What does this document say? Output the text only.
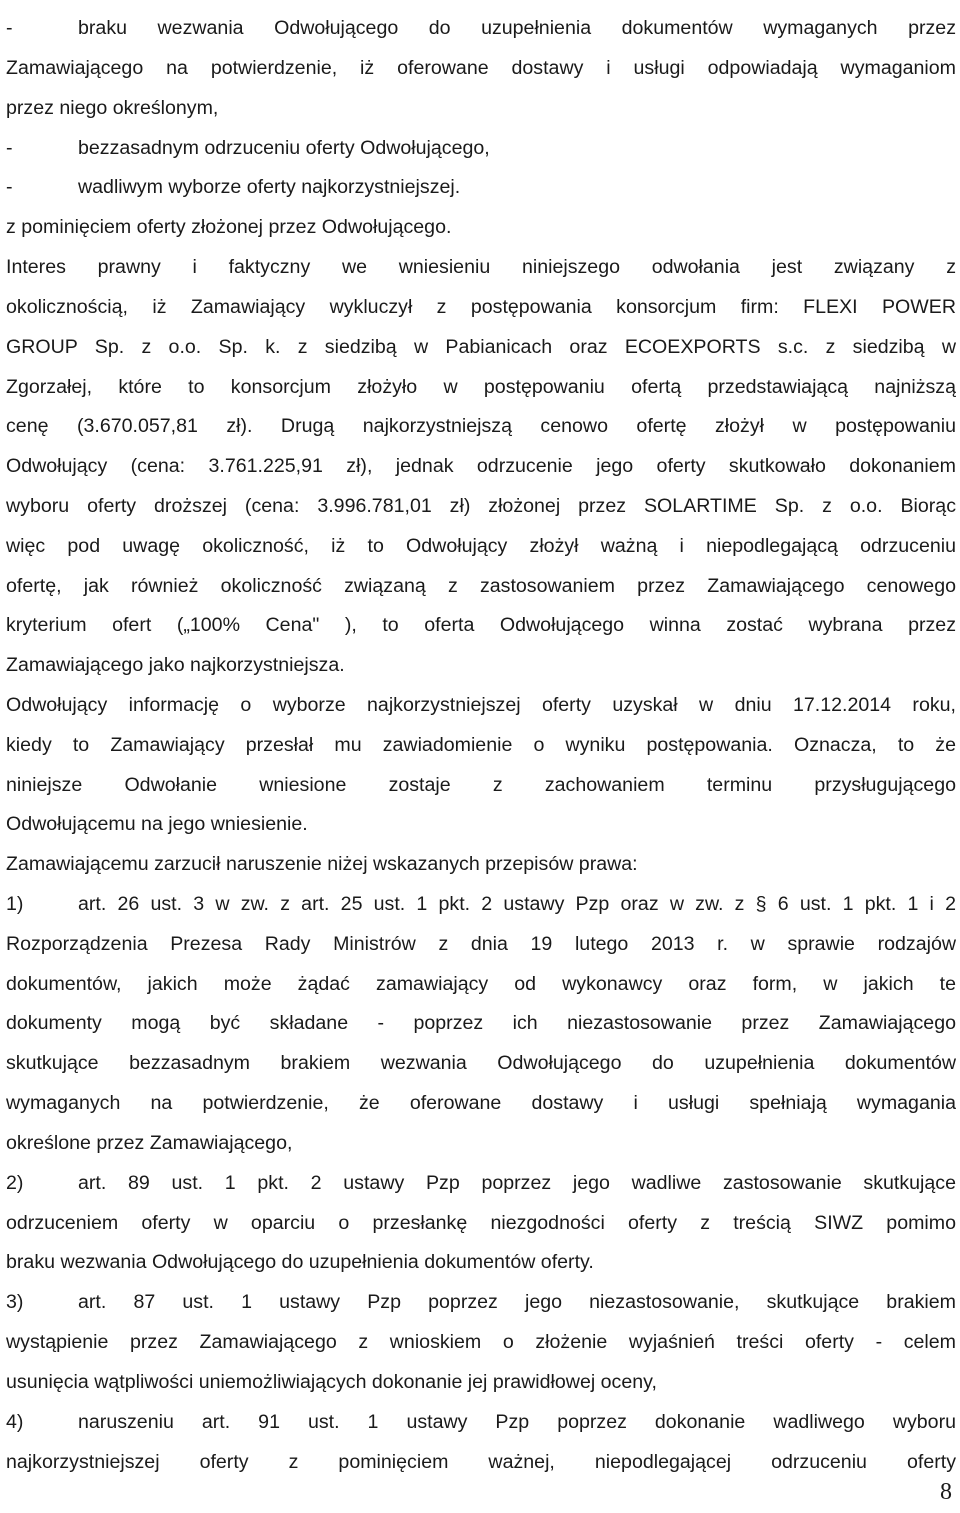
-	braku wezwania Odwołującego do uzupełnienia dokumentów wymaganych przez
Zamawiającego na potwierdzenie, iż oferowane dostawy i usługi odpowiadają wymaganiom
przez niego określonym,
-	bezzasadnym odrzuceniu oferty Odwołującego,
-	wadliwym wyborze oferty najkorzystniejszej.
z pominięciem oferty złożonej przez Odwołującego.
Interes prawny i faktyczny we wniesieniu niniejszego odwołania jest związany z
okolicznością, iż Zamawiający wykluczył z postępowania konsorcjum firm: FLEXI POWER
GROUP Sp. z o.o. Sp. k. z siedzibą w Pabianicach oraz ECOEXPORTS s.c. z siedzibą w
Zgorzałej, które to konsorcjum złożyło w postępowaniu ofertą przedstawiającą najniższą
cenę (3.670.057,81 zł). Drugą najkorzystniejszą cenowo ofertę złożył w postępowaniu
Odwołujący (cena: 3.761.225,91 zł), jednak odrzucenie jego oferty skutkowało dokonaniem
wyboru oferty droższej (cena: 3.996.781,01 zł) złożonej przez SOLARTIME Sp. z o.o. Biorąc
więc pod uwagę okoliczność, iż to Odwołujący złożył ważną i niepodlegającą odrzuceniu
ofertę, jak również okoliczność związaną z zastosowaniem przez Zamawiającego cenowego
kryterium ofert („100% Cena" ), to oferta Odwołującego winna zostać wybrana przez
Zamawiającego jako najkorzystniejsza.
Odwołujący informację o wyborze najkorzystniejszej oferty uzyskał w dniu 17.12.2014 roku,
kiedy to Zamawiający przesłał mu zawiadomienie o wyniku postępowania. Oznacza, to że
niniejsze Odwołanie wniesione zostaje z zachowaniem terminu przysługującego
Odwołującemu na jego wniesienie.
Zamawiającemu zarzucił naruszenie niżej wskazanych przepisów prawa:
1)	art. 26 ust. 3 w zw. z art. 25 ust. 1 pkt. 2 ustawy Pzp oraz w zw. z § 6 ust. 1 pkt. 1 i 2
Rozporządzenia Prezesa Rady Ministrów z dnia 19 lutego 2013 r. w sprawie rodzajów
dokumentów, jakich może żądać zamawiający od wykonawcy oraz form, w jakich te
dokumenty mogą być składane - poprzez ich niezastosowanie przez Zamawiającego
skutkujące bezzasadnym brakiem wezwania Odwołującego do uzupełnienia dokumentów
wymaganych na potwierdzenie, że oferowane dostawy i usługi spełniają wymagania
określone przez Zamawiającego,
2)	art. 89 ust. 1 pkt. 2 ustawy Pzp poprzez jego wadliwe zastosowanie skutkujące
odrzuceniem oferty w oparciu o przesłankę niezgodności oferty z treścią SIWZ pomimo
braku wezwania Odwołującego do uzupełnienia dokumentów oferty.
3)	art. 87 ust. 1 ustawy Pzp poprzez jego niezastosowanie, skutkujące brakiem
wystąpienie przez Zamawiającego z wnioskiem o złożenie wyjaśnień treści oferty - celem
usunięcia wątpliwości uniemożliwiających dokonanie jej prawidłowej oceny,
4)	naruszeniu art. 91 ust. 1 ustawy Pzp poprzez dokonanie wadliwego wyboru
najkorzystniejszej oferty z pominięciem ważnej, niepodlegającej odrzuceniu oferty
8
